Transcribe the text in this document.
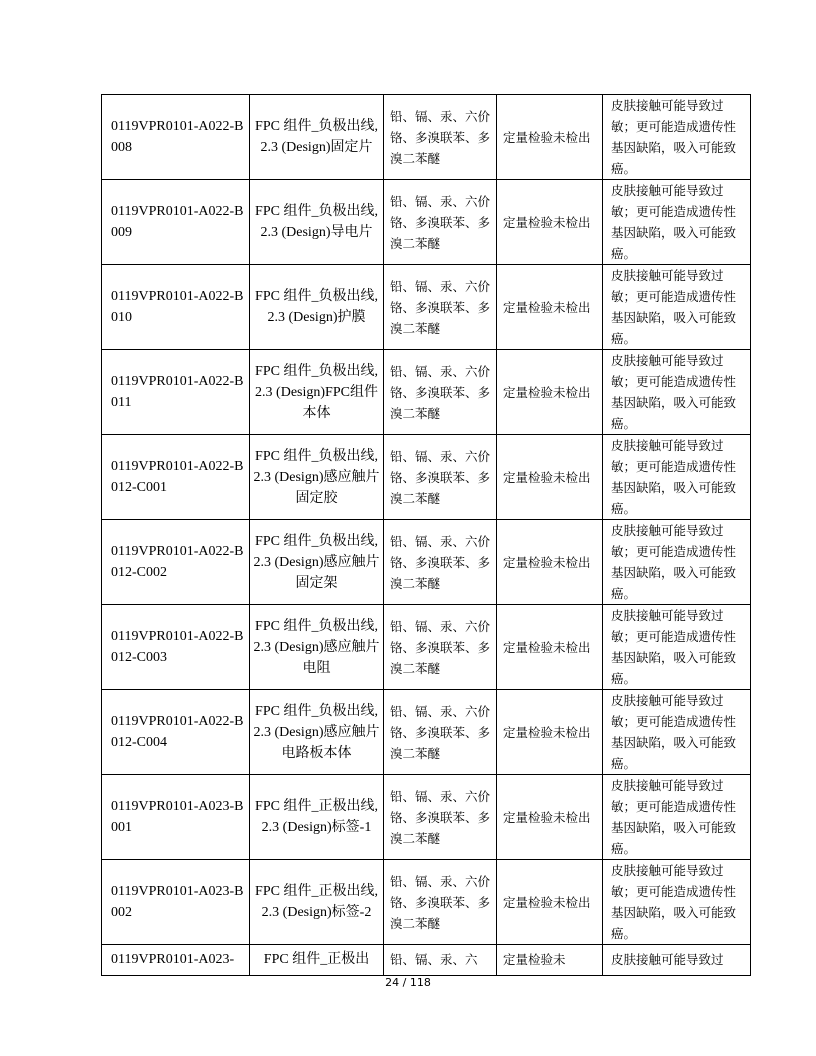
0119VPR0101-A022-B008	FPC 组件_负极出线,2.3 (Design)固定片	铅、镉、汞、六价铬、多溴联苯、多溴二苯醚	定量检验未检出	皮肤接触可能导致过敏；更可能造成遗传性基因缺陷，吸入可能致癌。

0119VPR0101-A022-B009	FPC 组件_负极出线,2.3 (Design)导电片	铅、镉、汞、六价铬、多溴联苯、多溴二苯醚	定量检验未检出	皮肤接触可能导致过敏；更可能造成遗传性基因缺陷，吸入可能致癌。

0119VPR0101-A022-B010	FPC 组件_负极出线,2.3 (Design)护膜	铅、镉、汞、六价铬、多溴联苯、多溴二苯醚	定量检验未检出	皮肤接触可能导致过敏；更可能造成遗传性基因缺陷，吸入可能致癌。

0119VPR0101-A022-B011	FPC 组件_负极出线,2.3 (Design)FPC组件本体	铅、镉、汞、六价铬、多溴联苯、多溴二苯醚	定量检验未检出	皮肤接触可能导致过敏；更可能造成遗传性基因缺陷，吸入可能致癌。

0119VPR0101-A022-B012-C001	FPC 组件_负极出线,2.3 (Design)感应触片固定胶	铅、镉、汞、六价铬、多溴联苯、多溴二苯醚	定量检验未检出	皮肤接触可能导致过敏；更可能造成遗传性基因缺陷，吸入可能致癌。

0119VPR0101-A022-B012-C002	FPC 组件_负极出线,2.3 (Design)感应触片固定架	铅、镉、汞、六价铬、多溴联苯、多溴二苯醚	定量检验未检出	皮肤接触可能导致过敏；更可能造成遗传性基因缺陷，吸入可能致癌。

0119VPR0101-A022-B012-C003	FPC 组件_负极出线,2.3 (Design)感应触片电阻	铅、镉、汞、六价铬、多溴联苯、多溴二苯醚	定量检验未检出	皮肤接触可能导致过敏；更可能造成遗传性基因缺陷，吸入可能致癌。

0119VPR0101-A022-B012-C004	FPC 组件_负极出线,2.3 (Design)感应触片电路板本体	铅、镉、汞、六价铬、多溴联苯、多溴二苯醚	定量检验未检出	皮肤接触可能导致过敏；更可能造成遗传性基因缺陷，吸入可能致癌。

0119VPR0101-A023-B001	FPC 组件_正极出线,2.3 (Design)标签-1	铅、镉、汞、六价铬、多溴联苯、多溴二苯醚	定量检验未检出	皮肤接触可能导致过敏；更可能造成遗传性基因缺陷，吸入可能致癌。

0119VPR0101-A023-B002	FPC 组件_正极出线,2.3 (Design)标签-2	铅、镉、汞、六价铬、多溴联苯、多溴二苯醚	定量检验未检出	皮肤接触可能导致过敏；更可能造成遗传性基因缺陷，吸入可能致癌。

0119VPR0101-A023-	FPC 组件_正极出	铅、镉、汞、六	定量检验未	皮肤接触可能导致过
24 / 118
